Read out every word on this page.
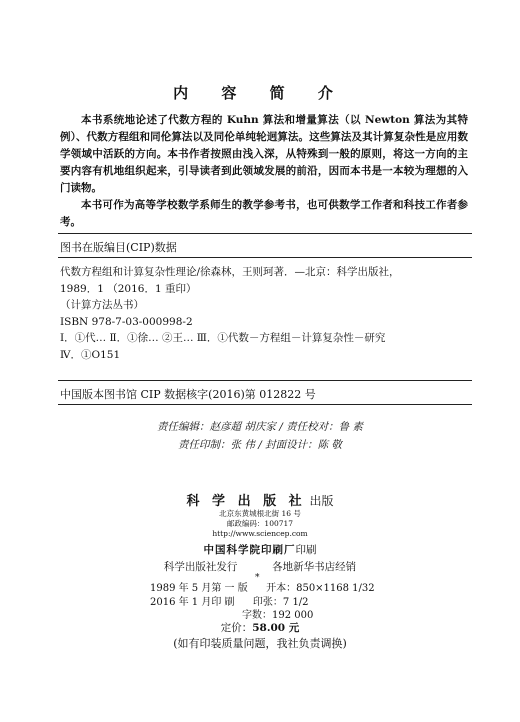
内 容 简 介

本书系统地论述了代数方程的 Kuhn 算法和增量算法（以 Newton 算法为其特例）、代数方程组和同伦算法以及同伦单纯轮迥算法。这些算法及其计算复杂性是应用数学领域中活跃的方向。本书作者按照由浅入深，从特殊到一般的原则，将这一方向的主要内容有机地组织起来，引导读者到此领域发展的前沿，因而本书是一本较为理想的入门读物。

本书可作为高等学校数学系师生的教学参考书，也可供数学工作者和科技工作者参考。

图书在版编目(CIP)数据
代数方程组和计算复杂性理论/徐森林，王则珂著．—北京：科学出版社，
1989．1 （2016．1 重印）
（计算方法丛书）
ISBN 978-7-03-000998-2
Ⅰ．①代… Ⅱ．①徐… ②王… Ⅲ．①代数－方程组－计算复杂性－研究
Ⅳ．①O151
中国版本图书馆 CIP 数据核字(2016)第 012822 号
责任编辑：赵彦超 胡庆家 / 责任校对：鲁 素
责任印制：张 伟 / 封面设计：陈 敬
科 学 出 版 社 出版
北京东黄城根北街 16 号
邮政编码：100717
http://www.sciencep.com
中国科学院印刷厂印刷
科学出版社发行	各地新华书店经销
*
1989 年 5 月第 一 版 开本：850×1168 1/32
2016 年 1 月印 刷 印张：7 1/2
字数：192 000
定价：58.00 元
(如有印装质量问题，我社负责调换)
